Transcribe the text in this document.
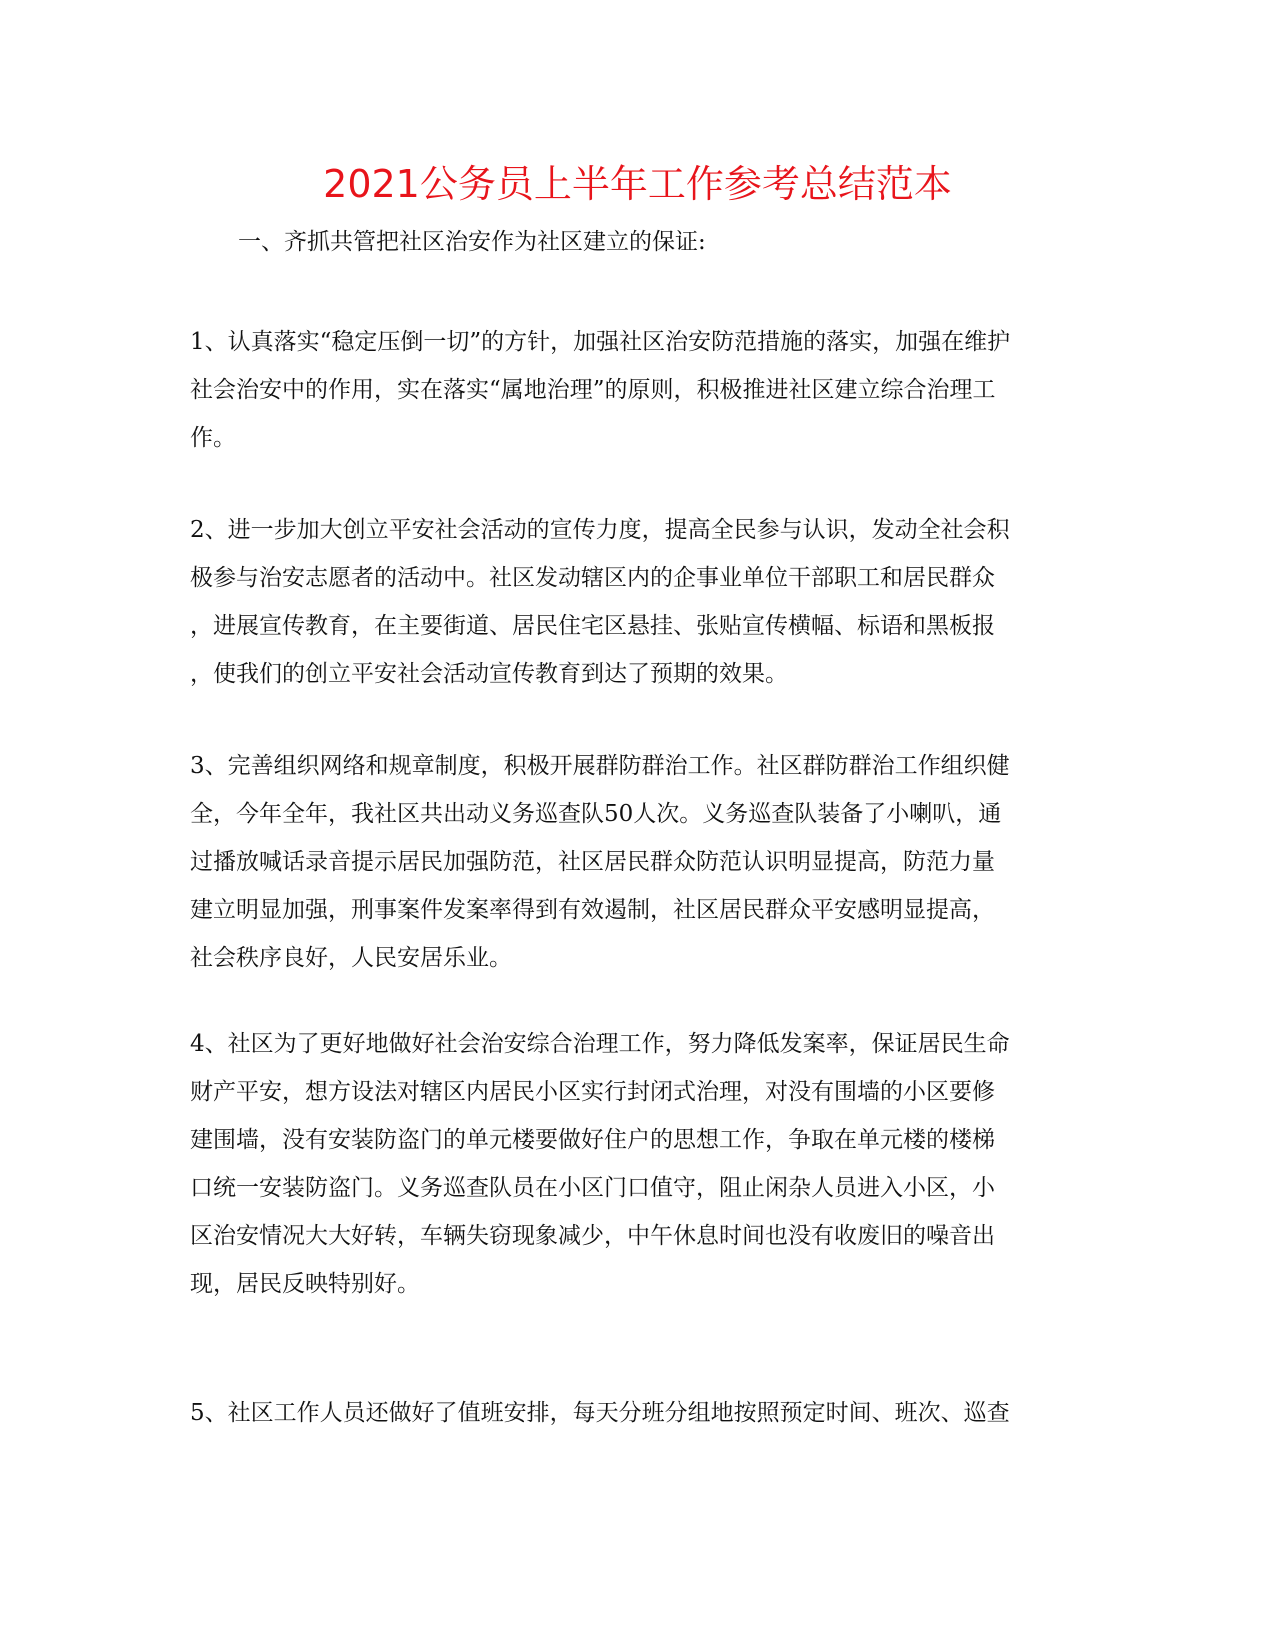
2021公务员上半年工作参考总结范本

一、齐抓共管把社区治安作为社区建立的保证:

1、认真落实“稳定压倒一切”的方针，加强社区治安防范措施的落实，加强在维护
社会治安中的作用，实在落实“属地治理”的原则，积极推进社区建立综合治理工
作。
2、进一步加大创立平安社会活动的宣传力度，提高全民参与认识，发动全社会积
极参与治安志愿者的活动中。社区发动辖区内的企事业单位干部职工和居民群众
，进展宣传教育，在主要街道、居民住宅区悬挂、张贴宣传横幅、标语和黑板报
，使我们的创立平安社会活动宣传教育到达了预期的效果。
3、完善组织网络和规章制度，积极开展群防群治工作。社区群防群治工作组织健
全，今年全年，我社区共出动义务巡查队50人次。义务巡查队装备了小喇叭，通
过播放喊话录音提示居民加强防范，社区居民群众防范认识明显提高，防范力量
建立明显加强，刑事案件发案率得到有效遏制，社区居民群众平安感明显提高，
社会秩序良好，人民安居乐业。
4、社区为了更好地做好社会治安综合治理工作，努力降低发案率，保证居民生命
财产平安，想方设法对辖区内居民小区实行封闭式治理，对没有围墙的小区要修
建围墙，没有安装防盗门的单元楼要做好住户的思想工作，争取在单元楼的楼梯
口统一安装防盗门。义务巡查队员在小区门口值守，阻止闲杂人员进入小区，小
区治安情况大大好转，车辆失窃现象减少，中午休息时间也没有收废旧的噪音出
现，居民反映特别好。
5、社区工作人员还做好了值班安排，每天分班分组地按照预定时间、班次、巡查
